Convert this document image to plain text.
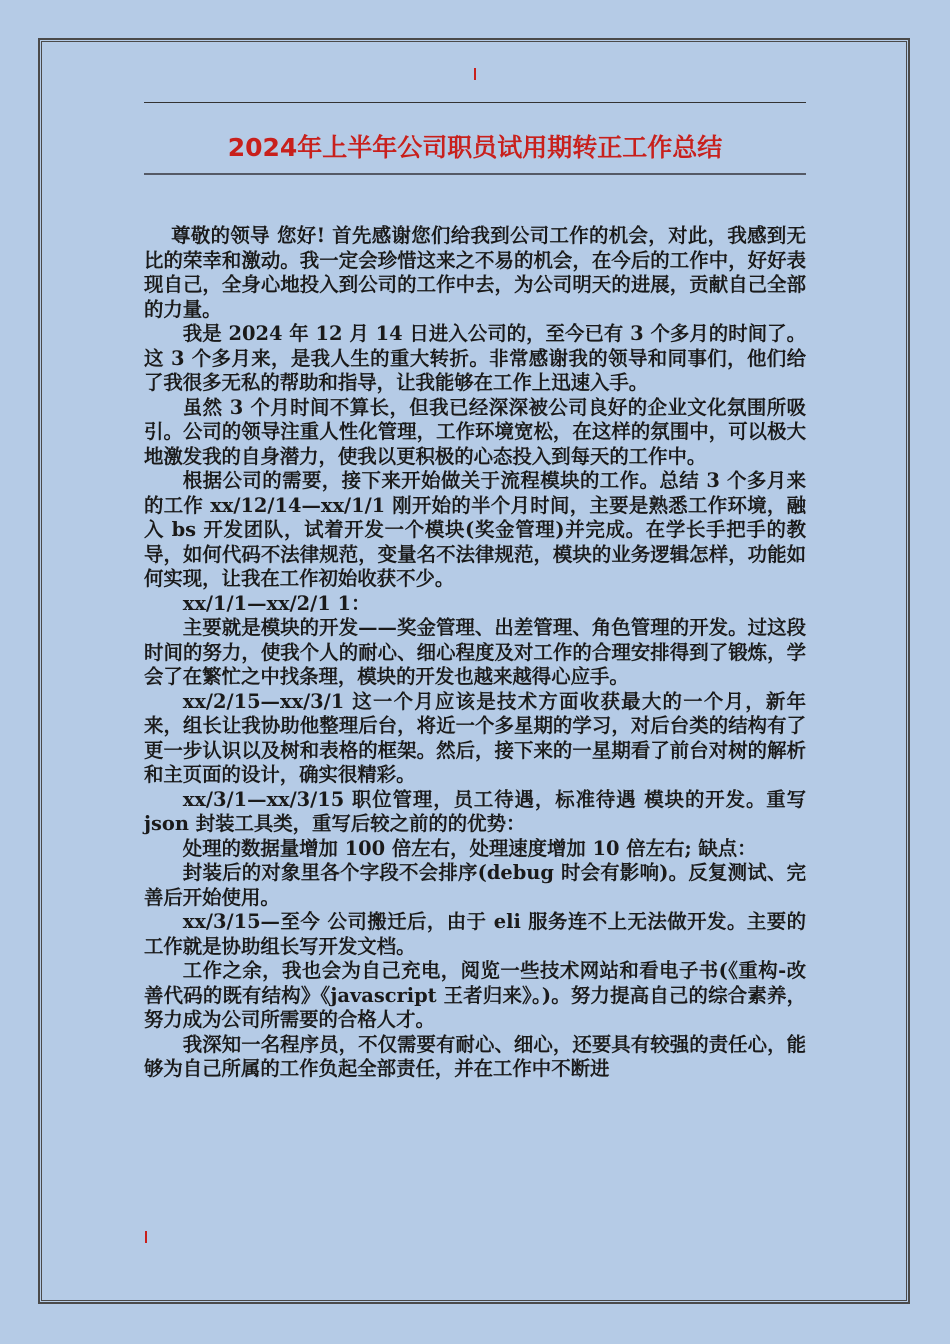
2024年上半年公司职员试用期转正工作总结

尊敬的领导 您好! 首先感谢您们给我到公司工作的机会，对此，我感到无比的荣幸和激动。我一定会珍惜这来之不易的机会，在今后的工作中，好好表现自己，全身心地投入到公司的工作中去，为公司明天的进展，贡献自己全部的力量。

我是 2024 年 12 月 14 日进入公司的，至今已有 3 个多月的时间了。这 3 个多月来，是我人生的重大转折。非常感谢我的领导和同事们，他们给了我很多无私的帮助和指导，让我能够在工作上迅速入手。

虽然 3 个月时间不算长，但我已经深深被公司良好的企业文化氛围所吸引。公司的领导注重人性化管理，工作环境宽松，在这样的氛围中，可以极大地激发我的自身潜力，使我以更积极的心态投入到每天的工作中。

根据公司的需要，接下来开始做关于流程模块的工作。总结 3 个多月来的工作 xx/12/14—xx/1/1 刚开始的半个月时间，主要是熟悉工作环境，融入 bs 开发团队，试着开发一个模块(奖金管理)并完成。在学长手把手的教导，如何代码不法律规范，变量名不法律规范，模块的业务逻辑怎样，功能如何实现，让我在工作初始收获不少。

xx/1/1—xx/2/1 1：

主要就是模块的开发——奖金管理、出差管理、角色管理的开发。过这段时间的努力，使我个人的耐心、细心程度及对工作的合理安排得到了锻炼，学会了在繁忙之中找条理，模块的开发也越来越得心应手。

xx/2/15—xx/3/1 这一个月应该是技术方面收获最大的一个月，新年来，组长让我协助他整理后台，将近一个多星期的学习，对后台类的结构有了更一步认识以及树和表格的框架。然后，接下来的一星期看了前台对树的解析和主页面的设计，确实很精彩。

xx/3/1—xx/3/15 职位管理，员工待遇，标准待遇 模块的开发。重写 json 封装工具类，重写后较之前的的优势：

处理的数据量增加 100 倍左右，处理速度增加 10 倍左右; 缺点：

封装后的对象里各个字段不会排序(debug 时会有影响)。反复测试、完善后开始使用。

xx/3/15—至今 公司搬迁后，由于 eli 服务连不上无法做开发。主要的工作就是协助组长写开发文档。

工作之余，我也会为自己充电，阅览一些技术网站和看电子书(《重构-改善代码的既有结构》《javascript 王者归来》。)。努力提高自己的综合素养，努力成为公司所需要的合格人才。

我深知一名程序员，不仅需要有耐心、细心，还要具有较强的责任心，能够为自己所属的工作负起全部责任，并在工作中不断进
